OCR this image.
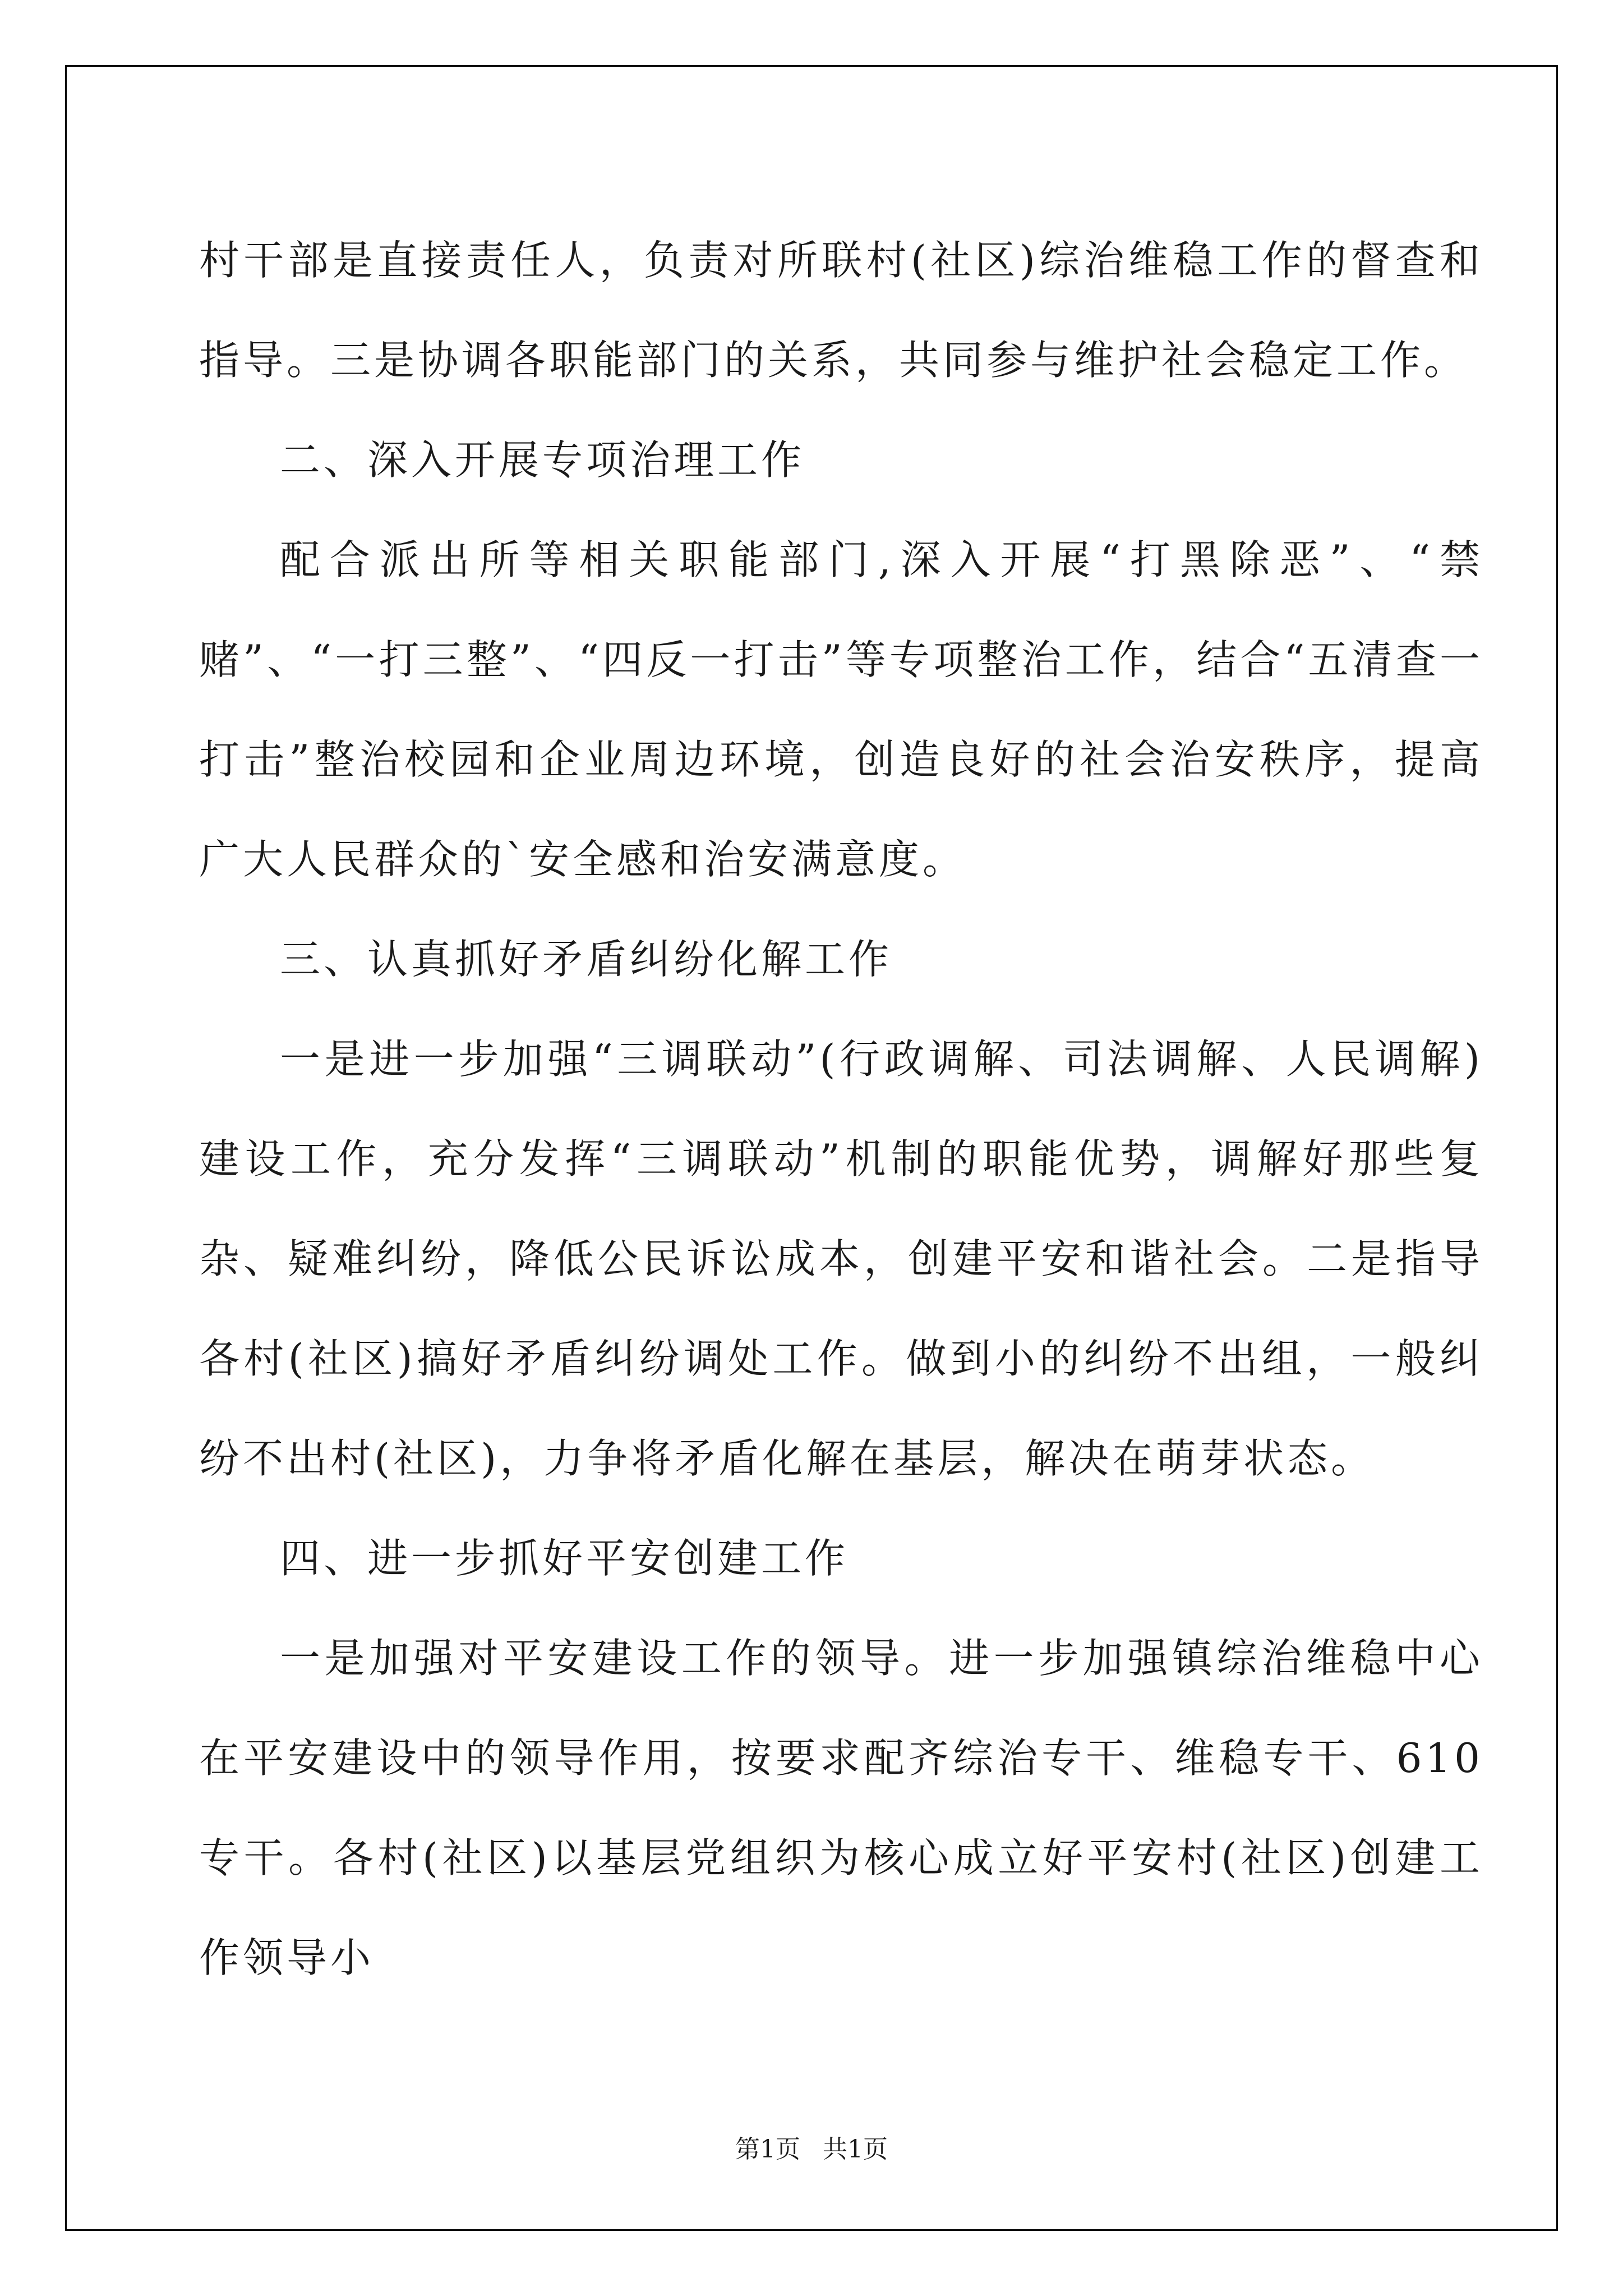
村干部是直接责任人，负责对所联村(社区)综治维稳工作的督查和指导。三是协调各职能部门的关系，共同参与维护社会稳定工作。

二、深入开展专项治理工作

配合派出所等相关职能部门,深入开展“打黑除恶”、“禁赌”、“一打三整”、“四反一打击”等专项整治工作，结合“五清查一打击”整治校园和企业周边环境，创造良好的社会治安秩序，提高广大人民群众的`安全感和治安满意度。

三、认真抓好矛盾纠纷化解工作

一是进一步加强“三调联动”(行政调解、司法调解、人民调解)建设工作，充分发挥“三调联动”机制的职能优势，调解好那些复杂、疑难纠纷，降低公民诉讼成本，创建平安和谐社会。二是指导各村(社区)搞好矛盾纠纷调处工作。做到小的纠纷不出组，一般纠纷不出村(社区)，力争将矛盾化解在基层，解决在萌芽状态。

四、进一步抓好平安创建工作

一是加强对平安建设工作的领导。进一步加强镇综治维稳中心在平安建设中的领导作用，按要求配齐综治专干、维稳专干、610专干。各村(社区)以基层党组织为核心成立好平安村(社区)创建工作领导小

第1页 共1页
